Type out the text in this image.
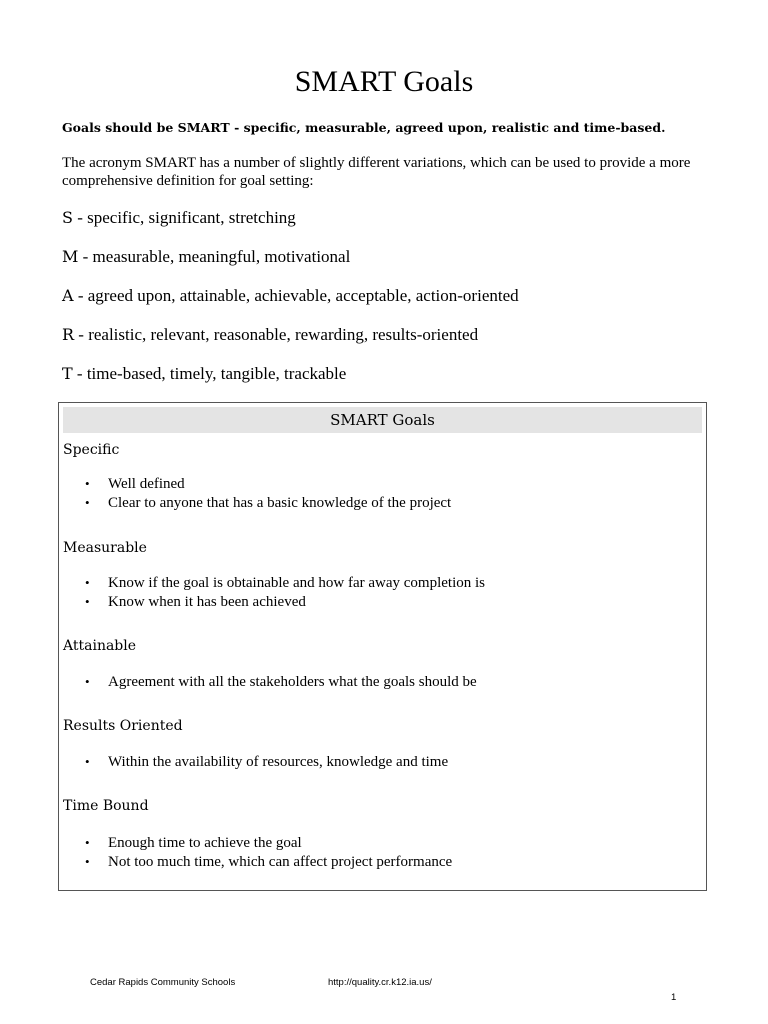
SMART Goals
Goals should be SMART - specific, measurable, agreed upon, realistic and time-based.
The acronym SMART has a number of slightly different variations, which can be used to provide a more comprehensive definition for goal setting:
S - specific, significant, stretching
M - measurable, meaningful, motivational
A - agreed upon, attainable, achievable, acceptable, action-oriented
R - realistic, relevant, reasonable, rewarding, results-oriented
T - time-based, timely, tangible, trackable
SMART Goals
Specific
• Well defined
• Clear to anyone that has a basic knowledge of the project
Measurable
• Know if the goal is obtainable and how far away completion is
• Know when it has been achieved
Attainable
• Agreement with all the stakeholders what the goals should be
Results Oriented
• Within the availability of resources, knowledge and time
Time Bound
• Enough time to achieve the goal
• Not too much time, which can affect project performance
Cedar Rapids Community Schools	http://quality.cr.k12.ia.us/
1
